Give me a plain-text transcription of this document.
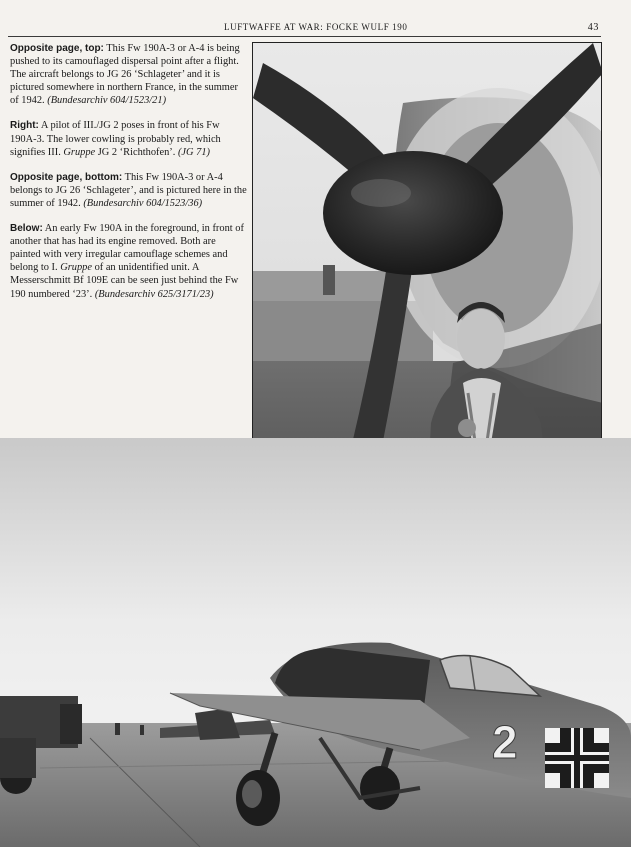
LUFTWAFFE AT WAR: FOCKE WULF 190	43

Opposite page, top: This Fw 190A-3 or A-4 is being pushed to its camouflaged dispersal point after a flight. The aircraft belongs to JG 26 ‘Schlageter’ and it is pictured somewhere in northern France, in the summer of 1942. (Bundesarchiv 604/1523/21)

Right: A pilot of III./JG 2 poses in front of his Fw 190A-3. The lower cowling is probably red, which signifies III. Gruppe JG 2 ‘Richthofen’. (JG 71)

Opposite page, bottom: This Fw 190A-3 or A-4 belongs to JG 26 ‘Schlageter’, and is pictured here in the summer of 1942. (Bundesarchiv 604/1523/36)

Below: An early Fw 190A in the foreground, in front of another that has had its engine removed. Both are painted with very irregular camouflage schemes and belong to I. Gruppe of an unidentified unit. A Messerschmitt Bf 109E can be seen just behind the Fw 190 numbered ‘23’. (Bundesarchiv 625/3171/23)

2
